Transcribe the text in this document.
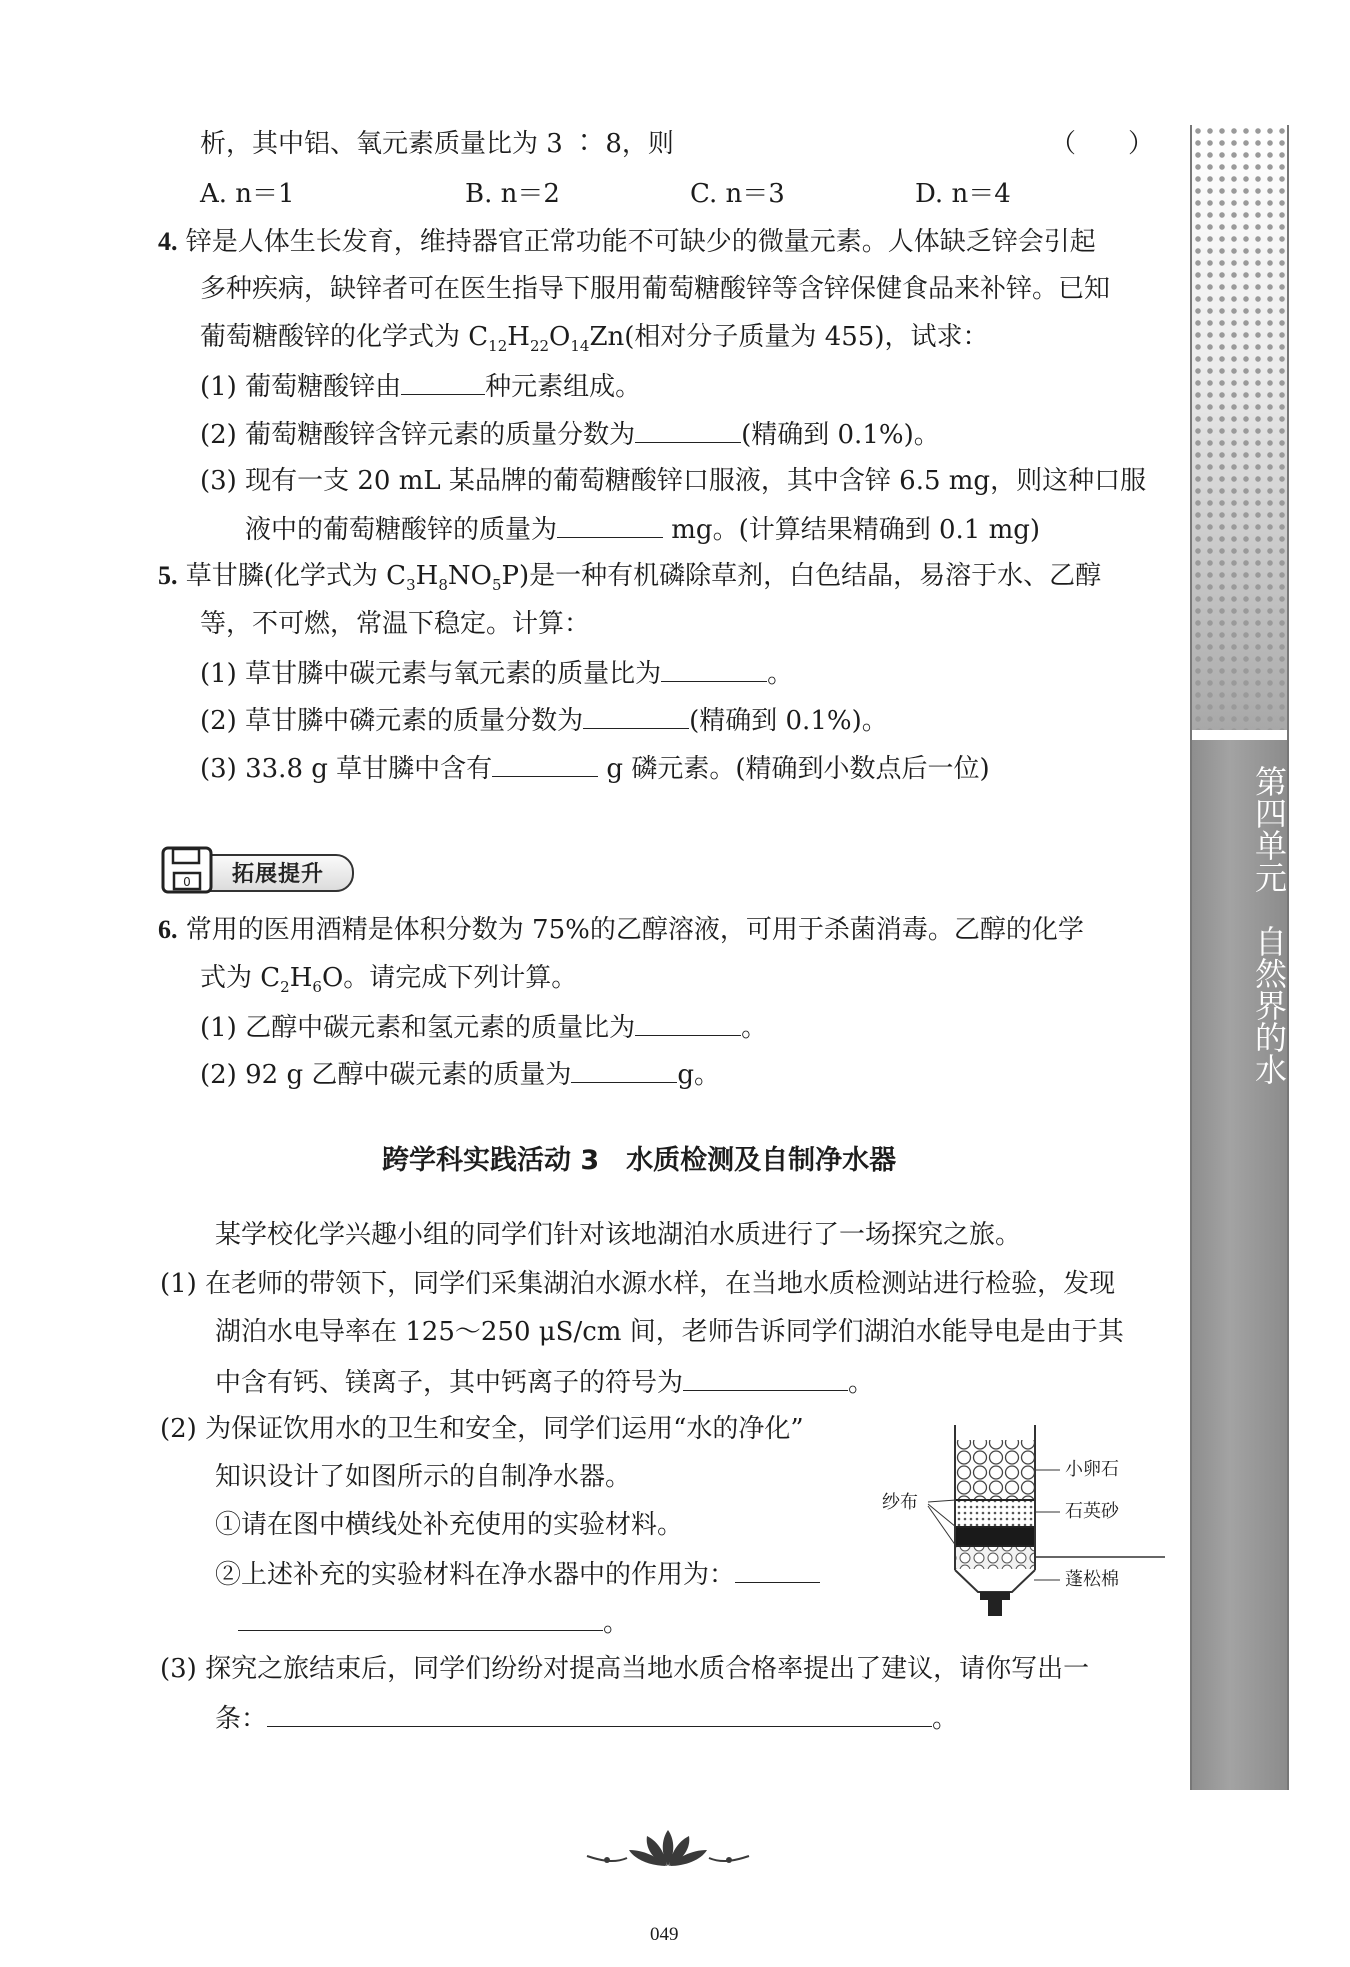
析，其中铝、氧元素质量比为 3 ∶ 8，则	（　　）
A. n＝1	B. n＝2	C. n＝3	D. n＝4
4. 锌是人体生长发育，维持器官正常功能不可缺少的微量元素。人体缺乏锌会引起
多种疾病，缺锌者可在医生指导下服用葡萄糖酸锌等含锌保健食品来补锌。已知
葡萄糖酸锌的化学式为 $C_{12}H_{22}O_{14}Zn$(相对分子质量为 455)，试求：
(1) 葡萄糖酸锌由	种元素组成。
(2) 葡萄糖酸锌含锌元素的质量分数为	(精确到 0.1%)。
(3) 现有一支 20 mL 某品牌的葡萄糖酸锌口服液，其中含锌 6.5 mg，则这种口服
液中的葡萄糖酸锌的质量为	mg。(计算结果精确到 0.1 mg)
5. 草甘膦(化学式为 $C_3H_8NO_5P$)是一种有机磷除草剂，白色结晶，易溶于水、乙醇
等，不可燃，常温下稳定。计算：
(1) 草甘膦中碳元素与氧元素的质量比为	。
(2) 草甘膦中磷元素的质量分数为	(精确到 0.1%)。
(3) 33.8 g 草甘膦中含有	g 磷元素。(精确到小数点后一位)
0 拓展提升
6. 常用的医用酒精是体积分数为 75%的乙醇溶液，可用于杀菌消毒。乙醇的化学
式为 $C_2H_6O$。请完成下列计算。
(1) 乙醇中碳元素和氢元素的质量比为	。
(2) 92 g 乙醇中碳元素的质量为	g。
跨学科实践活动 3　水质检测及自制净水器
某学校化学兴趣小组的同学们针对该地湖泊水质进行了一场探究之旅。
(1) 在老师的带领下，同学们采集湖泊水源水样，在当地水质检测站进行检验，发现
湖泊水电导率在 125～250 μS/cm 间，老师告诉同学们湖泊水能导电是由于其
中含有钙、镁离子，其中钙离子的符号为	。
(2) 为保证饮用水的卫生和安全，同学们运用“水的净化”
知识设计了如图所示的自制净水器。
①请在图中横线处补充使用的实验材料。
②上述补充的实验材料在净水器中的作用为：
。
(3) 探究之旅结束后，同学们纷纷对提高当地水质合格率提出了建议，请你写出一
条：	。
小卵石
纱布	石英砂
蓬松棉
第四单元　自然界的水
049
